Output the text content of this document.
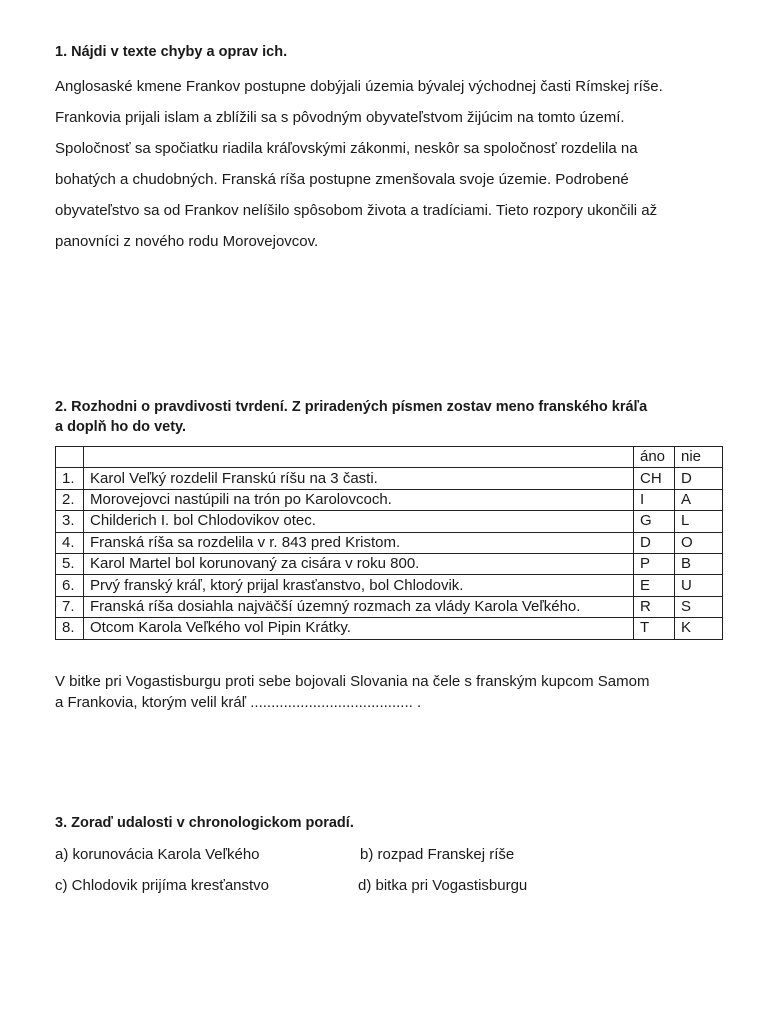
1. Nájdi v texte chyby a oprav ich.
Anglosaské kmene Frankov postupne dobýjali územia bývalej východnej časti Rímskej ríše.
Frankovia prijali islam a zblížili sa s pôvodným obyvateľstvom žijúcim na tomto území.
Spoločnosť sa spočiatku riadila kráľovskými zákonmi, neskôr sa spoločnosť rozdelila na
bohatých a chudobných. Franská ríša postupne zmenšovala svoje územie. Podrobené
obyvateľstvo sa od Frankov nelíšilo spôsobom života a tradíciami. Tieto rozpory ukončili až
panovníci z nového rodu Morovejovcov.
2. Rozhodni o pravdivosti tvrdení. Z priradených písmen zostav meno franského kráľa
a doplň ho do vety.
		áno	nie
1.	Karol Veľký rozdelil Franskú ríšu na 3 časti.	CH	D
2.	Morovejovci nastúpili na trón po Karolovcoch.	I	A
3.	Childerich I. bol Chlodovikov otec.	G	L
4.	Franská ríša sa rozdelila v r. 843 pred Kristom.	D	O
5.	Karol Martel bol korunovaný za cisára v roku 800.	P	B
6.	Prvý franský kráľ, ktorý prijal krasťanstvo, bol Chlodovik.	E	U
7.	Franská ríša dosiahla najväčší územný rozmach za vlády Karola Veľkého.	R	S
8.	Otcom Karola Veľkého vol Pipin Krátky.	T	K
V bitke pri Vogastisburgu proti sebe bojovali Slovania na čele s franským kupcom Samom
a Frankovia, ktorým velil kráľ ....................................... .
3. Zoraď udalosti v chronologickom poradí.
a) korunovácia Karola Veľkého	b) rozpad Franskej ríše
c) Chlodovik prijíma kresťanstvo	d) bitka pri Vogastisburgu
